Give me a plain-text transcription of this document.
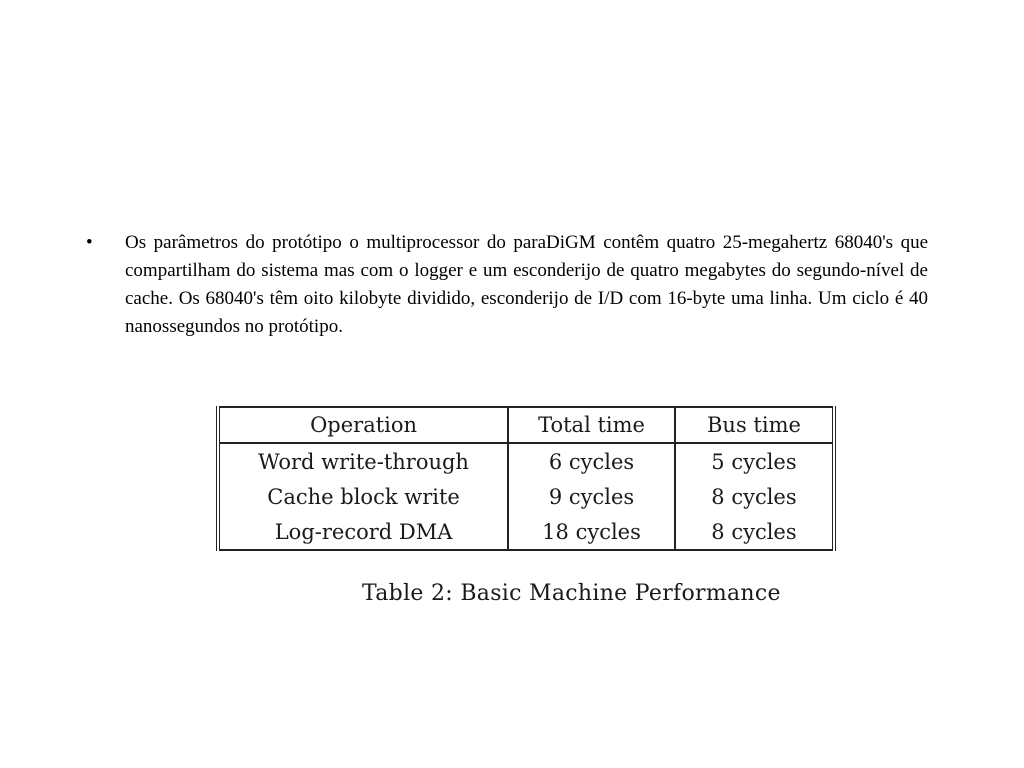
•	Os parâmetros do protótipo o multiprocessor do paraDiGM contêm quatro 25-megahertz 68040's que compartilham do sistema mas com o logger e um esconderijo de quatro megabytes do segundo-nível de cache. Os 68040's têm oito kilobyte dividido, esconderijo de I/D com 16-byte uma linha. Um ciclo é 40 nanossegundos no protótipo.
Operation	Total time	Bus time
Word write-through	6 cycles	5 cycles
Cache block write	9 cycles	8 cycles
Log-record DMA	18 cycles	8 cycles
Table 2: Basic Machine Performance
